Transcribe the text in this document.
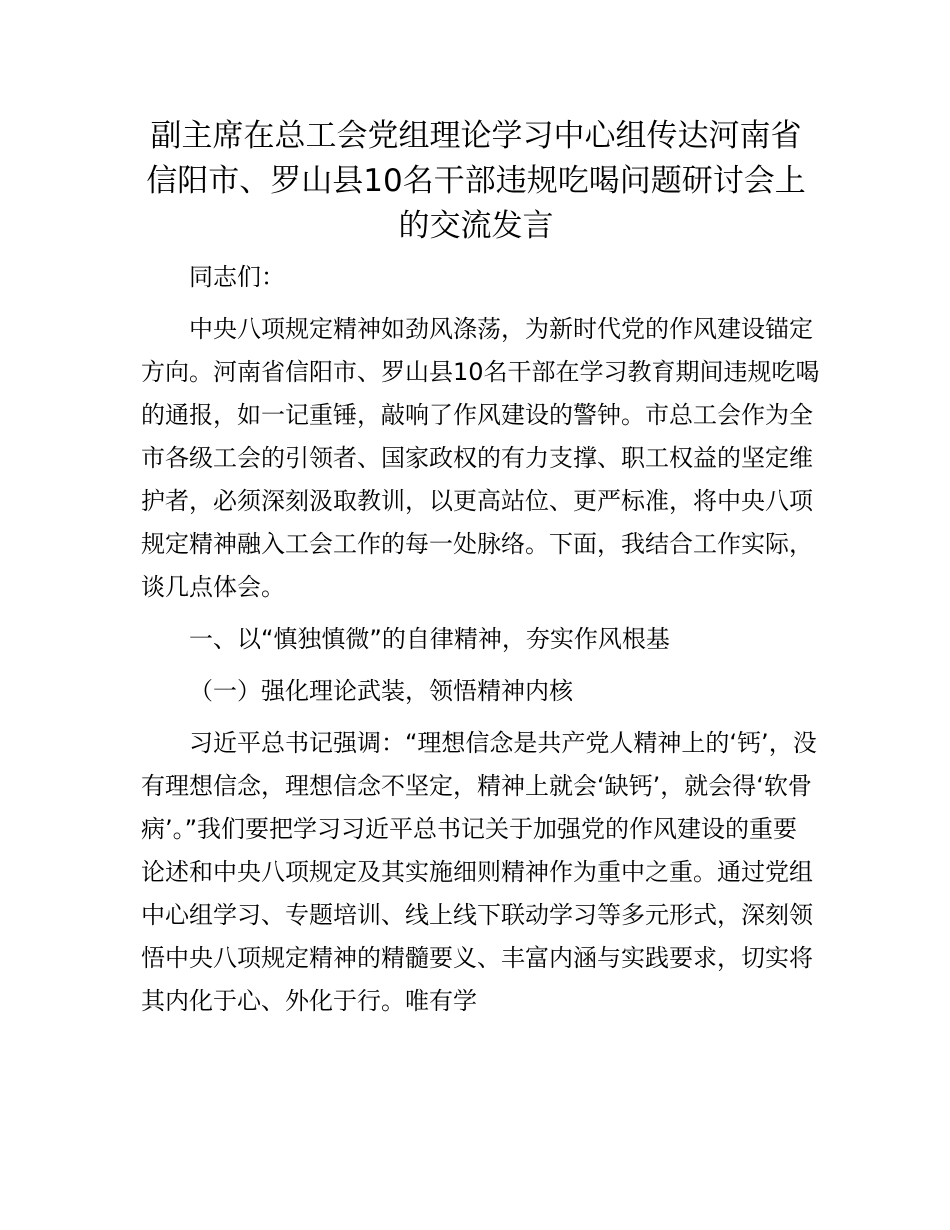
副主席在总工会党组理论学习中心组传达河南省信阳市、罗山县10名干部违规吃喝问题研讨会上的交流发言

同志们：

中央八项规定精神如劲风涤荡，为新时代党的作风建设锚定方向。河南省信阳市、罗山县10名干部在学习教育期间违规吃喝的通报，如一记重锤，敲响了作风建设的警钟。市总工会作为全市各级工会的引领者、国家政权的有力支撑、职工权益的坚定维护者，必须深刻汲取教训，以更高站位、更严标准，将中央八项规定精神融入工会工作的每一处脉络。下面，我结合工作实际，谈几点体会。

一、以“慎独慎微”的自律精神，夯实作风根基

（一）强化理论武装，领悟精神内核

习近平总书记强调：“理想信念是共产党人精神上的‘钙’，没有理想信念，理想信念不坚定，精神上就会‘缺钙’，就会得‘软骨病’。”我们要把学习习近平总书记关于加强党的作风建设的重要论述和中央八项规定及其实施细则精神作为重中之重。通过党组中心组学习、专题培训、线上线下联动学习等多元形式，深刻领悟中央八项规定精神的精髓要义、丰富内涵与实践要求，切实将其内化于心、外化于行。唯有学
